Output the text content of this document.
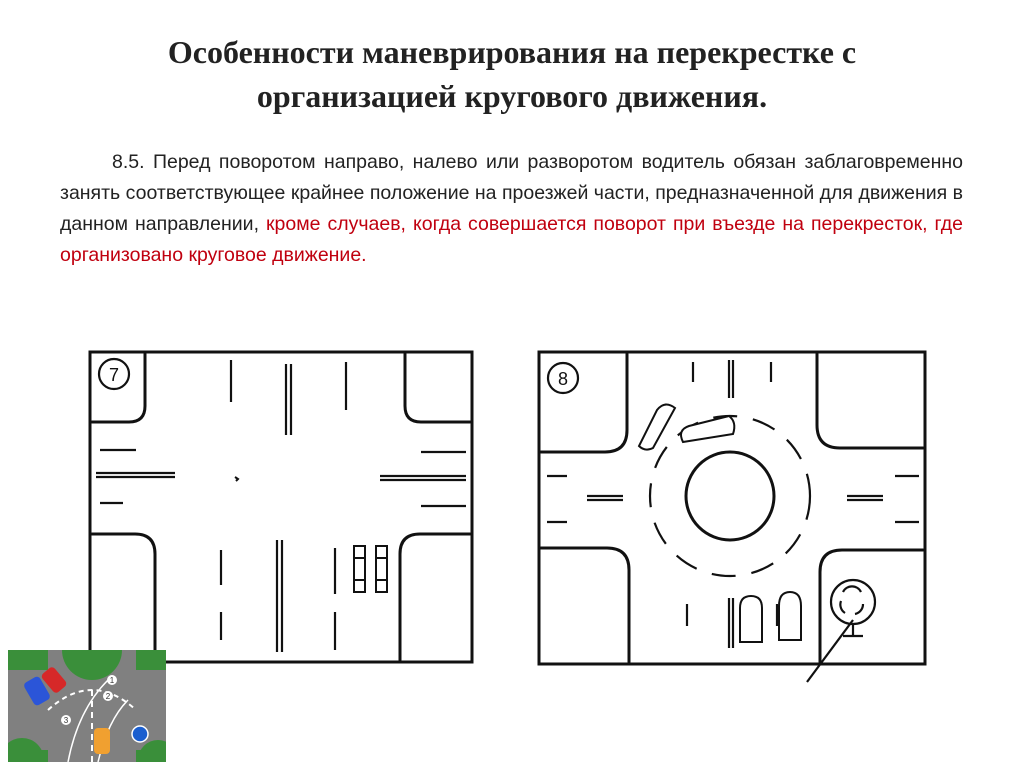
Особенности маневрирования на перекрестке с
организацией кругового движения.
8.5. Перед поворотом направо, налево или разворотом водитель обязан заблаговременно занять соответствующее крайнее положение на проезжей части, предназначенной для движения в данном направлении, кроме случаев, когда совершается поворот при въезде на перекресток, где организовано круговое движение.
7	8
1
2
3
